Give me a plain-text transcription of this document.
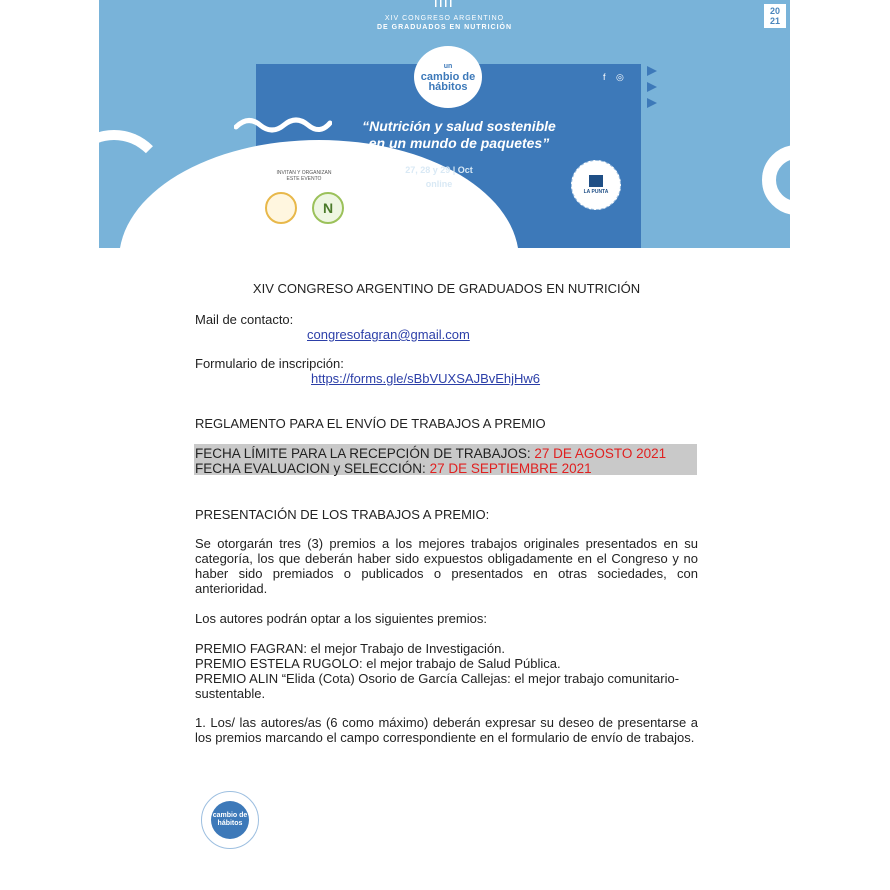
XIV CONGRESO ARGENTINO
DE GRADUADOS EN NUTRICIÓN
20
21
un
cambio de
hábitos
f ◎
“Nutrición y salud sostenible
en un mundo de paquetes”
27, 28 y 29 | Oct
online
INVITAN Y ORGANIZAN
ESTE EVENTO
N
LA PUNTA
XIV CONGRESO ARGENTINO DE GRADUADOS EN NUTRICIÓN
Mail de contacto:
congresofagran@gmail.com
Formulario de inscripción:
https://forms.gle/sBbVUXSAJBvEhjHw6
REGLAMENTO PARA EL ENVÍO DE TRABAJOS A PREMIO
FECHA LÍMITE PARA LA RECEPCIÓN DE TRABAJOS: 27 DE AGOSTO 2021
FECHA EVALUACION y SELECCIÓN: 27 DE SEPTIEMBRE 2021
PRESENTACIÓN DE LOS TRABAJOS A PREMIO:
Se otorgarán tres (3) premios a los mejores trabajos originales presentados en su categoría, los que deberán haber sido expuestos obligadamente en el Congreso y no haber sido premiados o publicados o presentados en otras sociedades, con anterioridad.
Los autores podrán optar a los siguientes premios:
PREMIO FAGRAN: el mejor Trabajo de Investigación.
PREMIO ESTELA RUGOLO: el mejor trabajo de Salud Pública.
PREMIO ALIN “Elida (Cota) Osorio de García Callejas: el mejor trabajo comunitario-sustentable.
1. Los/ las autores/as (6 como máximo) deberán expresar su deseo de presentarse a los premios marcando el campo correspondiente en el formulario de envío de trabajos.
cambio de
hábitos
